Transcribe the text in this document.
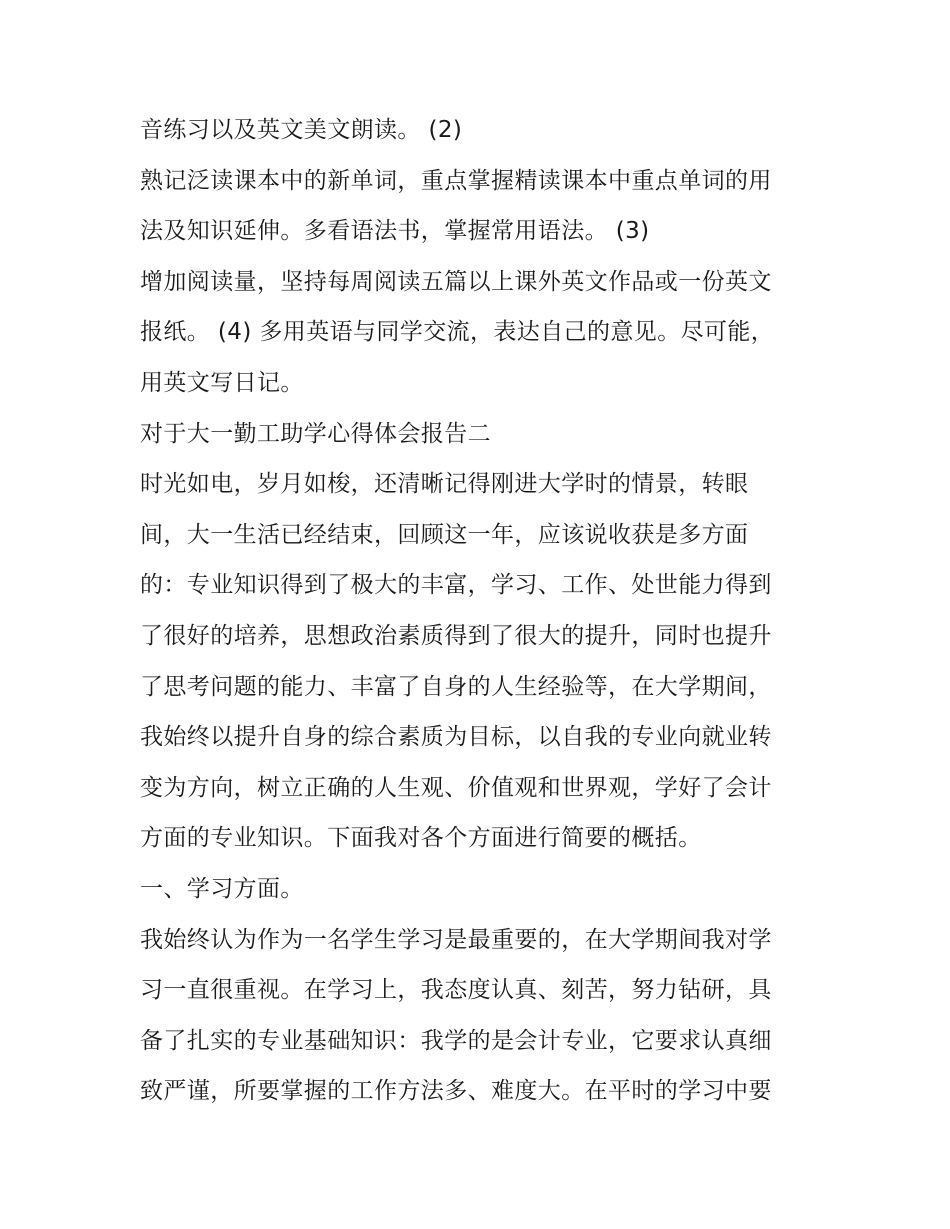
音练习以及英文美文朗读。 (2)
熟记泛读课本中的新单词，重点掌握精读课本中重点单词的用
法及知识延伸。多看语法书，掌握常用语法。 (3)
增加阅读量，坚持每周阅读五篇以上课外英文作品或一份英文
报纸。 (4) 多用英语与同学交流，表达自己的意见。尽可能，
用英文写日记。
对于大一勤工助学心得体会报告二
时光如电，岁月如梭，还清晰记得刚进大学时的情景，转眼
间，大一生活已经结束，回顾这一年，应该说收获是多方面
的：专业知识得到了极大的丰富，学习、工作、处世能力得到
了很好的培养，思想政治素质得到了很大的提升，同时也提升
了思考问题的能力、丰富了自身的人生经验等，在大学期间，
我始终以提升自身的综合素质为目标，以自我的专业向就业转
变为方向，树立正确的人生观、价值观和世界观，学好了会计
方面的专业知识。下面我对各个方面进行简要的概括。
一、学习方面。
我始终认为作为一名学生学习是最重要的，在大学期间我对学
习一直很重视。在学习上，我态度认真、刻苦，努力钻研，具
备了扎实的专业基础知识：我学的是会计专业，它要求认真细
致严谨，所要掌握的工作方法多、难度大。在平时的学习中要
